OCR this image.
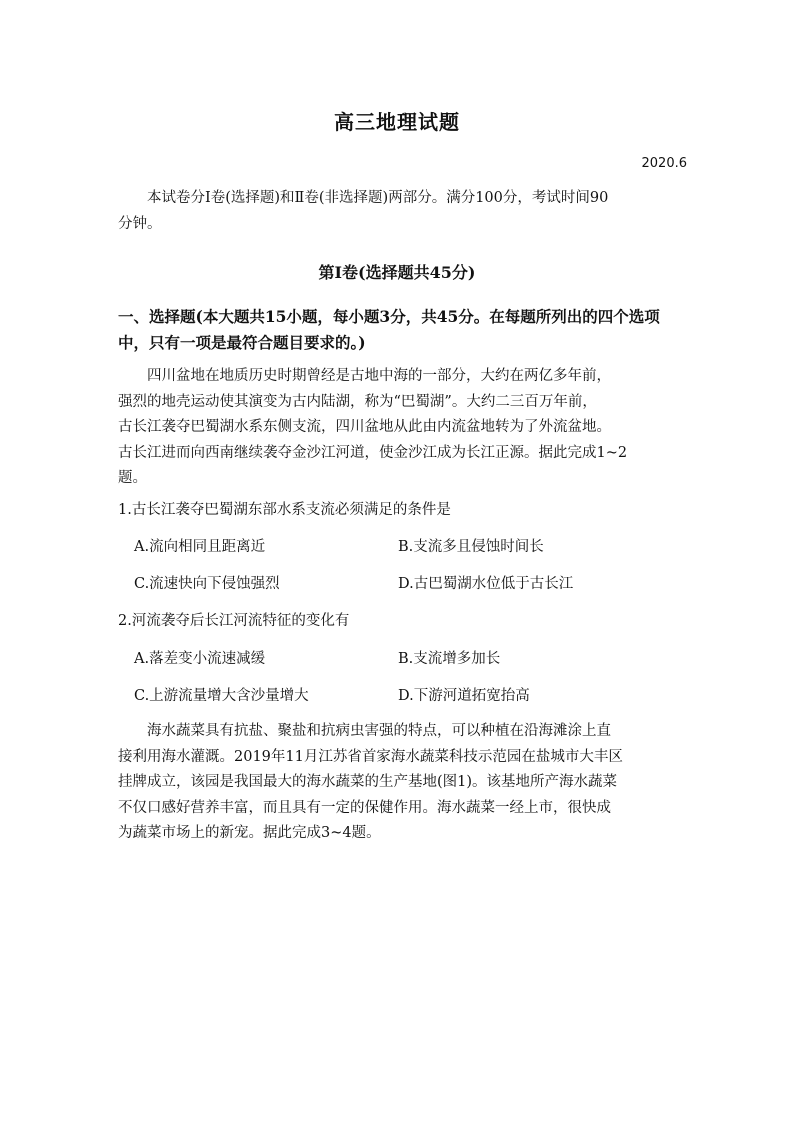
高三地理试题
2020.6
本试卷分Ⅰ卷(选择题)和Ⅱ卷(非选择题)两部分。满分100分，考试时间90
分钟。
第Ⅰ卷(选择题共45分)
一、选择题(本大题共15小题，每小题3分，共45分。在每题所列出的四个选项
中，只有一项是最符合题目要求的。)
四川盆地在地质历史时期曾经是古地中海的一部分，大约在两亿多年前，
强烈的地壳运动使其演变为古内陆湖，称为“巴蜀湖”。大约二三百万年前，
古长江袭夺巴蜀湖水系东侧支流，四川盆地从此由内流盆地转为了外流盆地。
古长江进而向西南继续袭夺金沙江河道，使金沙江成为长江正源。据此完成1~2
题。
1.古长江袭夺巴蜀湖东部水系支流必须满足的条件是
A.流向相同且距离近	B.支流多且侵蚀时间长
C.流速快向下侵蚀强烈	D.古巴蜀湖水位低于古长江
2.河流袭夺后长江河流特征的变化有
A.落差变小流速减缓	B.支流增多加长
C.上游流量增大含沙量增大	D.下游河道拓宽抬高
海水蔬菜具有抗盐、聚盐和抗病虫害强的特点，可以种植在沿海滩涂上直
接利用海水灌溉。2019年11月江苏省首家海水蔬菜科技示范园在盐城市大丰区
挂牌成立，该园是我国最大的海水蔬菜的生产基地(图1)。该基地所产海水蔬菜
不仅口感好营养丰富，而且具有一定的保健作用。海水蔬菜一经上市，很快成
为蔬菜市场上的新宠。据此完成3~4题。
